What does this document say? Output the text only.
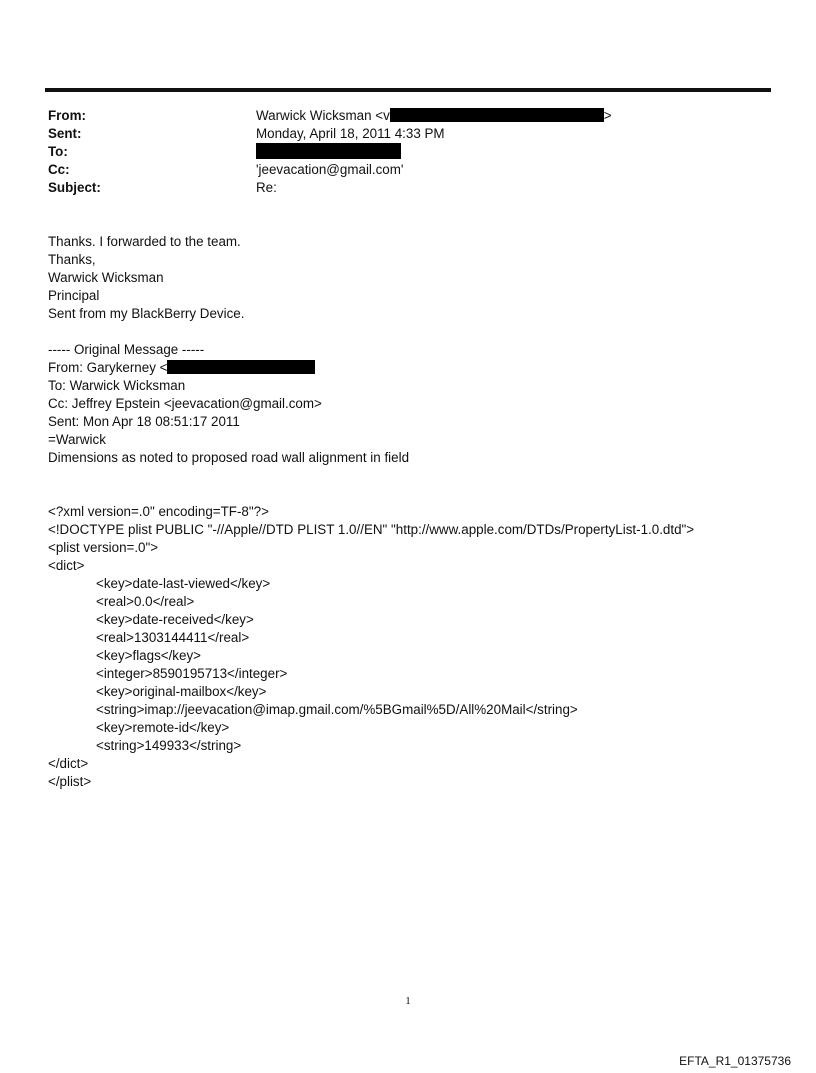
From:	Warwick Wicksman <v	>
Sent:	Monday, April 18, 2011 4:33 PM
To:
Cc:	'jeevacation@gmail.com'
Subject:	Re:
Thanks. I forwarded to the team.
Thanks,
Warwick Wicksman
Principal
Sent from my BlackBerry Device.
----- Original Message -----
From: Garykerney <
To: Warwick Wicksman
Cc: Jeffrey Epstein <jeevacation@gmail.com>
Sent: Mon Apr 18 08:51:17 2011
=Warwick
Dimensions as noted to proposed road wall alignment in field
<?xml version=.0" encoding=TF-8"?>
<!DOCTYPE plist PUBLIC "-//Apple//DTD PLIST 1.0//EN" "http://www.apple.com/DTDs/PropertyList-1.0.dtd">
<plist version=.0">
<dict>
<key>date-last-viewed</key>
<real>0.0</real>
<key>date-received</key>
<real>1303144411</real>
<key>flags</key>
<integer>8590195713</integer>
<key>original-mailbox</key>
<string>imap://jeevacation@imap.gmail.com/%5BGmail%5D/All%20Mail</string>
<key>remote-id</key>
<string>149933</string>
</dict>
</plist>
1
EFTA_R1_01375736
